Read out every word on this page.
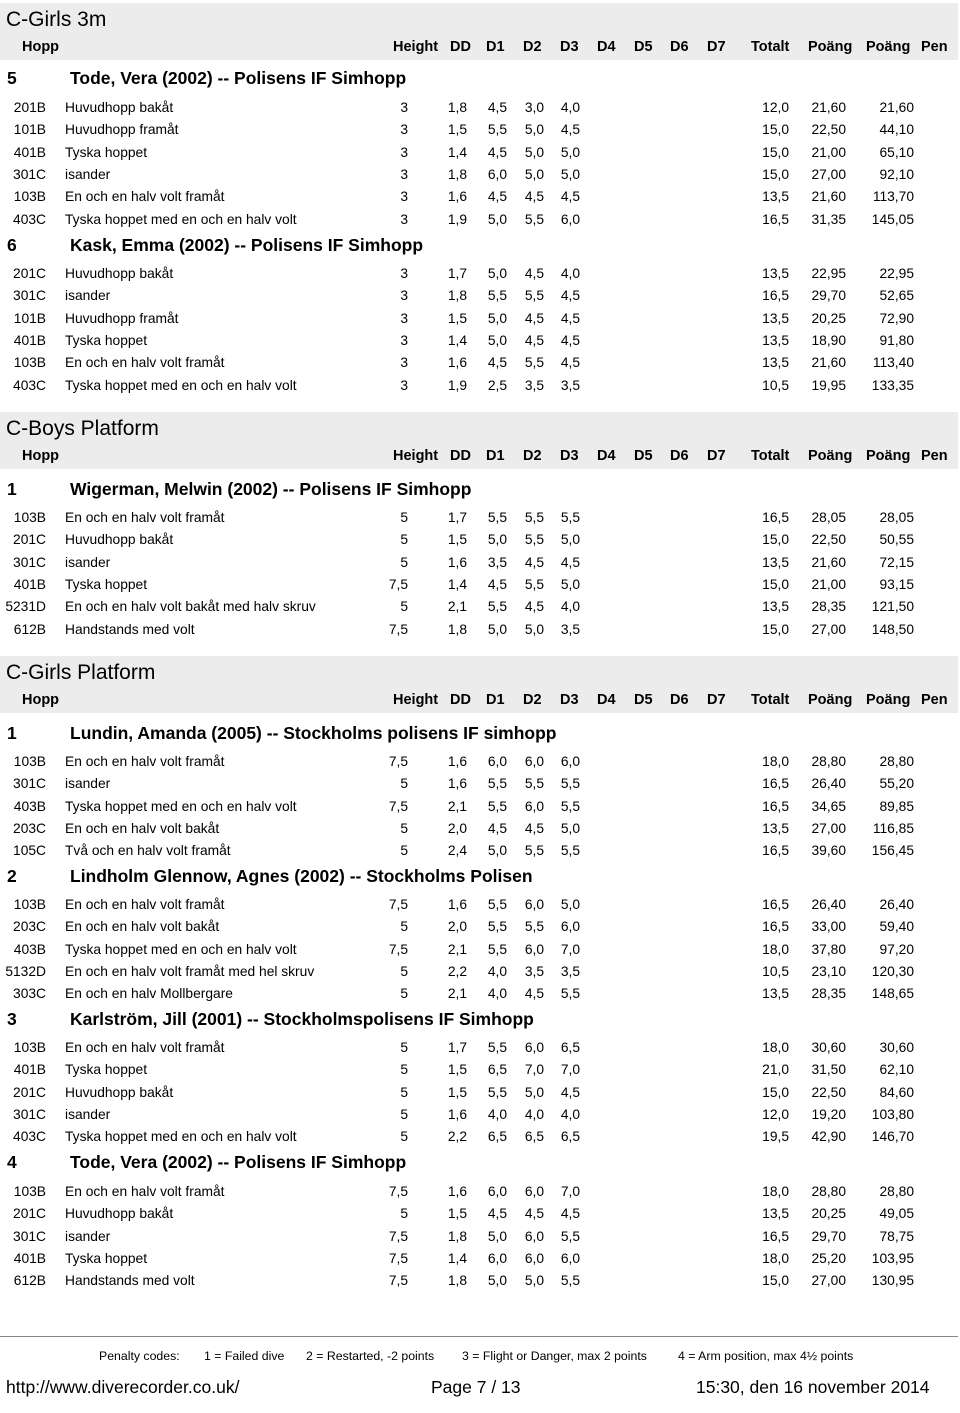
C-Girls 3m
Hopp	Height DD D1 D2 D3 D4 D5 D6 D7 Totalt Poäng Poäng Pen
5	Tode, Vera (2002) -- Polisens IF Simhopp
201B Huvudhopp bakåt	3	1,8	4,5	3,0	4,0	12,0	21,60	21,60
101B Huvudhopp framåt	3	1,5	5,5	5,0	4,5	15,0	22,50	44,10
401B Tyska hoppet	3	1,4	4,5	5,0	5,0	15,0	21,00	65,10
301C isander	3	1,8	6,0	5,0	5,0	15,0	27,00	92,10
103B En och en halv volt framåt	3	1,6	4,5	4,5	4,5	13,5	21,60	113,70
403C Tyska hoppet med en och en halv volt	3	1,9	5,0	5,5	6,0	16,5	31,35	145,05
6	Kask, Emma (2002) -- Polisens IF Simhopp
201C Huvudhopp bakåt	3	1,7	5,0	4,5	4,0	13,5	22,95	22,95
301C isander	3	1,8	5,5	5,5	4,5	16,5	29,70	52,65
101B Huvudhopp framåt	3	1,5	5,0	4,5	4,5	13,5	20,25	72,90
401B Tyska hoppet	3	1,4	5,0	4,5	4,5	13,5	18,90	91,80
103B En och en halv volt framåt	3	1,6	4,5	5,5	4,5	13,5	21,60	113,40
403C Tyska hoppet med en och en halv volt	3	1,9	2,5	3,5	3,5	10,5	19,95	133,35
C-Boys Platform
Hopp	Height DD D1 D2 D3 D4 D5 D6 D7 Totalt Poäng Poäng Pen
1	Wigerman, Melwin (2002) -- Polisens IF Simhopp
103B En och en halv volt framåt	5	1,7	5,5	5,5	5,5	16,5	28,05	28,05
201C Huvudhopp bakåt	5	1,5	5,0	5,5	5,0	15,0	22,50	50,55
301C isander	5	1,6	3,5	4,5	4,5	13,5	21,60	72,15
401B Tyska hoppet	7,5	1,4	4,5	5,5	5,0	15,0	21,00	93,15
5231D En och en halv volt bakåt med halv skruv	5	2,1	5,5	4,5	4,0	13,5	28,35	121,50
612B Handstands med volt	7,5	1,8	5,0	5,0	3,5	15,0	27,00	148,50
C-Girls Platform
Hopp	Height DD D1 D2 D3 D4 D5 D6 D7 Totalt Poäng Poäng Pen
1	Lundin, Amanda (2005) -- Stockholms polisens IF simhopp
103B En och en halv volt framåt	7,5	1,6	6,0	6,0	6,0	18,0	28,80	28,80
301C isander	5	1,6	5,5	5,5	5,5	16,5	26,40	55,20
403B Tyska hoppet med en och en halv volt	7,5	2,1	5,5	6,0	5,5	16,5	34,65	89,85
203C En och en halv volt bakåt	5	2,0	4,5	4,5	5,0	13,5	27,00	116,85
105C Två och en halv volt framåt	5	2,4	5,0	5,5	5,5	16,5	39,60	156,45
2	Lindholm Glennow, Agnes (2002) -- Stockholms Polisen
103B En och en halv volt framåt	7,5	1,6	5,5	6,0	5,0	16,5	26,40	26,40
203C En och en halv volt bakåt	5	2,0	5,5	5,5	6,0	16,5	33,00	59,40
403B Tyska hoppet med en och en halv volt	7,5	2,1	5,5	6,0	7,0	18,0	37,80	97,20
5132D En och en halv volt framåt med hel skruv	5	2,2	4,0	3,5	3,5	10,5	23,10	120,30
303C En och en halv Mollbergare	5	2,1	4,0	4,5	5,5	13,5	28,35	148,65
3	Karlström, Jill (2001) -- Stockholmspolisens IF Simhopp
103B En och en halv volt framåt	5	1,7	5,5	6,0	6,5	18,0	30,60	30,60
401B Tyska hoppet	5	1,5	6,5	7,0	7,0	21,0	31,50	62,10
201C Huvudhopp bakåt	5	1,5	5,5	5,0	4,5	15,0	22,50	84,60
301C isander	5	1,6	4,0	4,0	4,0	12,0	19,20	103,80
403C Tyska hoppet med en och en halv volt	5	2,2	6,5	6,5	6,5	19,5	42,90	146,70
4	Tode, Vera (2002) -- Polisens IF Simhopp
103B En och en halv volt framåt	7,5	1,6	6,0	6,0	7,0	18,0	28,80	28,80
201C Huvudhopp bakåt	5	1,5	4,5	4,5	4,5	13,5	20,25	49,05
301C isander	7,5	1,8	5,0	6,0	5,5	16,5	29,70	78,75
401B Tyska hoppet	7,5	1,4	6,0	6,0	6,0	18,0	25,20	103,95
612B Handstands med volt	7,5	1,8	5,0	5,0	5,5	15,0	27,00	130,95
Penalty codes: 1 = Failed dive 2 = Restarted, -2 points 3 = Flight or Danger, max 2 points	4 = Arm position, max 4½ points
http://www.diverecorder.co.uk/	Page 7 / 13	15:30, den 16 november 2014
